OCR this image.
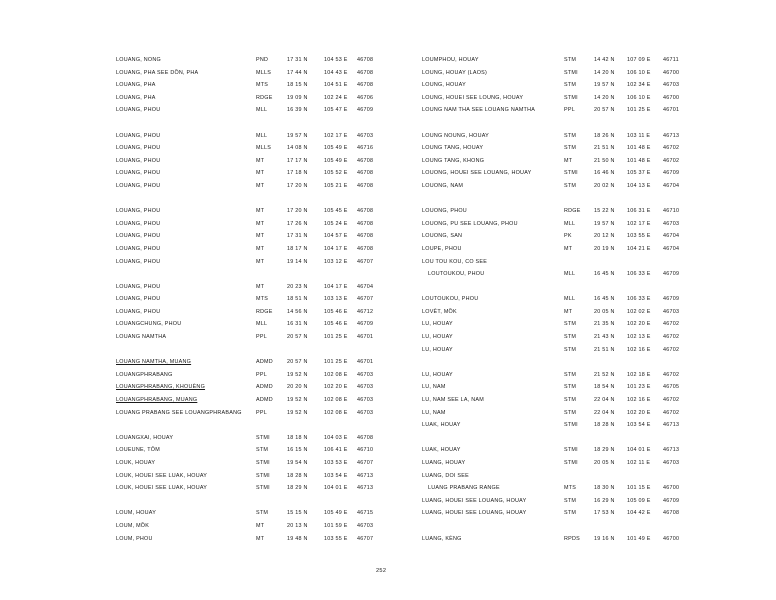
LOUANG, NONG	PND	17 31 N	104 53 E 46708
LOUANG, PHA SEE DỒN, PHA	MLLS	17 44 N	104 43 E 46708
LOUANG, PHA	MTS	18 15 N	104 51 E 46708
LOUANG, PHA	RDGE	19 09 N	102 24 E 46706
LOUANG, PHOU	MLL	16 39 N	105 47 E 46709
LOUANG, PHOU	MLL	19 57 N	102 17 E 46703
LOUANG, PHOU	MLLS	14 08 N	105 49 E 46716
LOUANG, PHOU	MT	17 17 N	105 49 E 46708
LOUANG, PHOU	MT	17 18 N	105 52 E 46708
LOUANG, PHOU	MT	17 20 N	105 21 E 46708
LOUANG, PHOU	MT	17 20 N	105 45 E 46708
LOUANG, PHOU	MT	17 26 N	105 24 E 46708
LOUANG, PHOU	MT	17 31 N	104 57 E 46708
LOUANG, PHOU	MT	18 17 N	104 17 E 46708
LOUANG, PHOU	MT	19 14 N	103 12 E 46707
LOUANG, PHOU	MT	20 23 N	104 17 E 46704
LOUANG, PHOU	MTS	18 51 N	103 13 E 46707
LOUANG, PHOU	RDGE	14 56 N	105 46 E 46712
LOUANGCHUNG, PHOU	MLL	16 31 N	105 46 E 46709
LOUANG NAMTHA	PPL	20 57 N	101 25 E 46701
LOUANG NAMTHA, MUANG	ADMD	20 57 N	101 25 E 46701
LOUANGPHRABANG	PPL	19 52 N	102 08 E 46703
LOUANGPHRABANG, KHOUÈNG	ADMD	20 20 N	102 20 E 46703
LOUANGPHRABANG, MUANG	ADMD	19 52 N	102 08 E 46703
LOUANG PRABANG SEE LOUANGPHRABANG	PPL	19 52 N	102 08 E 46703
LOUANGXAI, HOUAY	STMI	18 18 N	104 03 E 46708
LOUEUNE, TÔM	STM	16 15 N	106 41 E 46710
LOUK, HOUAY	STMI	19 54 N	103 53 E 46707
LOUK, HOUEI SEE LUAK, HOUAY	STMI	18 28 N	103 54 E 46713
LOUK, HOUEI SEE LUAK, HOUAY	STMI	18 29 N	104 01 E 46713
LOUM, HOUAY	STM	15 15 N	105 49 E 46715
LOUM, MỒK	MT	20 13 N	101 59 E 46703
LOUM, PHOU	MT	19 48 N	103 55 E 46707
LOUMPHOU, HOUAY	STM	14 42 N 107 09 E 46711
LOUNG, HOUAY (LAOS)	STMI	14 20 N 106 10 E 46700
LOUNG, HOUAY	STM	19 57 N 102 34 E 46703
LOUNG, HOUEI SEE LOUNG, HOUAY	STMI	14 20 N 106 10 E 46700
LOUNG NAM THA SEE LOUANG NAMTHA	PPL	20 57 N 101 25 E 46701
LOUNG NOUNG, HOUAY	STM	18 26 N 103 11 E 46713
LOUNG TANG, HOUAY	STM	21 51 N 101 48 E 46702
LOUNG TANG, KHONG	MT	21 50 N 101 48 E 46702
LOUONG, HOUEI SEE LOUANG, HOUAY	STMI	16 46 N 105 37 E 46709
LOUONG, NAM	STM	20 02 N 104 13 E 46704
LOUONG, PHOU	RDGE 15 22 N 106 31 E 46710
LOUONG, PU SEE LOUANG, PHOU	MLL	19 57 N 102 17 E 46703
LOUONG, SAN	PK	20 12 N 103 55 E 46704
LOUPE, PHOU	MT	20 19 N 104 21 E 46704
LOU TOU KOU, CO SEE
LOUTOUKOU, PHOU	MLL	16 45 N 106 33 E 46709
LOUTOUKOU, PHOU	MLL	16 45 N 106 33 E 46709
LOVÊT, MỒK	MT	20 05 N 102 02 E 46703
LU, HOUAY	STM	21 35 N 102 20 E 46702
LU, HOUAY	STM	21 43 N 102 13 E 46702
LU, HOUAY	STM	21 51 N 102 16 E 46702
LU, HOUAY	STM	21 52 N 102 18 E 46702
LU, NAM	STM	18 54 N 101 23 E 46705
LU, NAM SEE LA, NAM	STM	22 04 N 102 16 E 46702
LU, NAM	STM	22 04 N 102 20 E 46702
LUAK, HOUAY	STMI	18 28 N 103 54 E 46713
LUAK, HOUAY	STMI	18 29 N 104 01 E 46713
LUANG, HOUAY	STMI	20 05 N 102 11 E 46703
LUANG, DOI SEE
LUANG PRABANG RANGE	MTS	18 30 N 101 15 E 46700
LUANG, HOUEI SEE LOUANG, HOUAY	STM	16 29 N 105 09 E 46709
LUANG, HOUEI SEE LOUANG, HOUAY	STM	17 53 N 104 42 E 46708
LUANG, KÈNG	RPDS	19 16 N 101 49 E 46700
252
